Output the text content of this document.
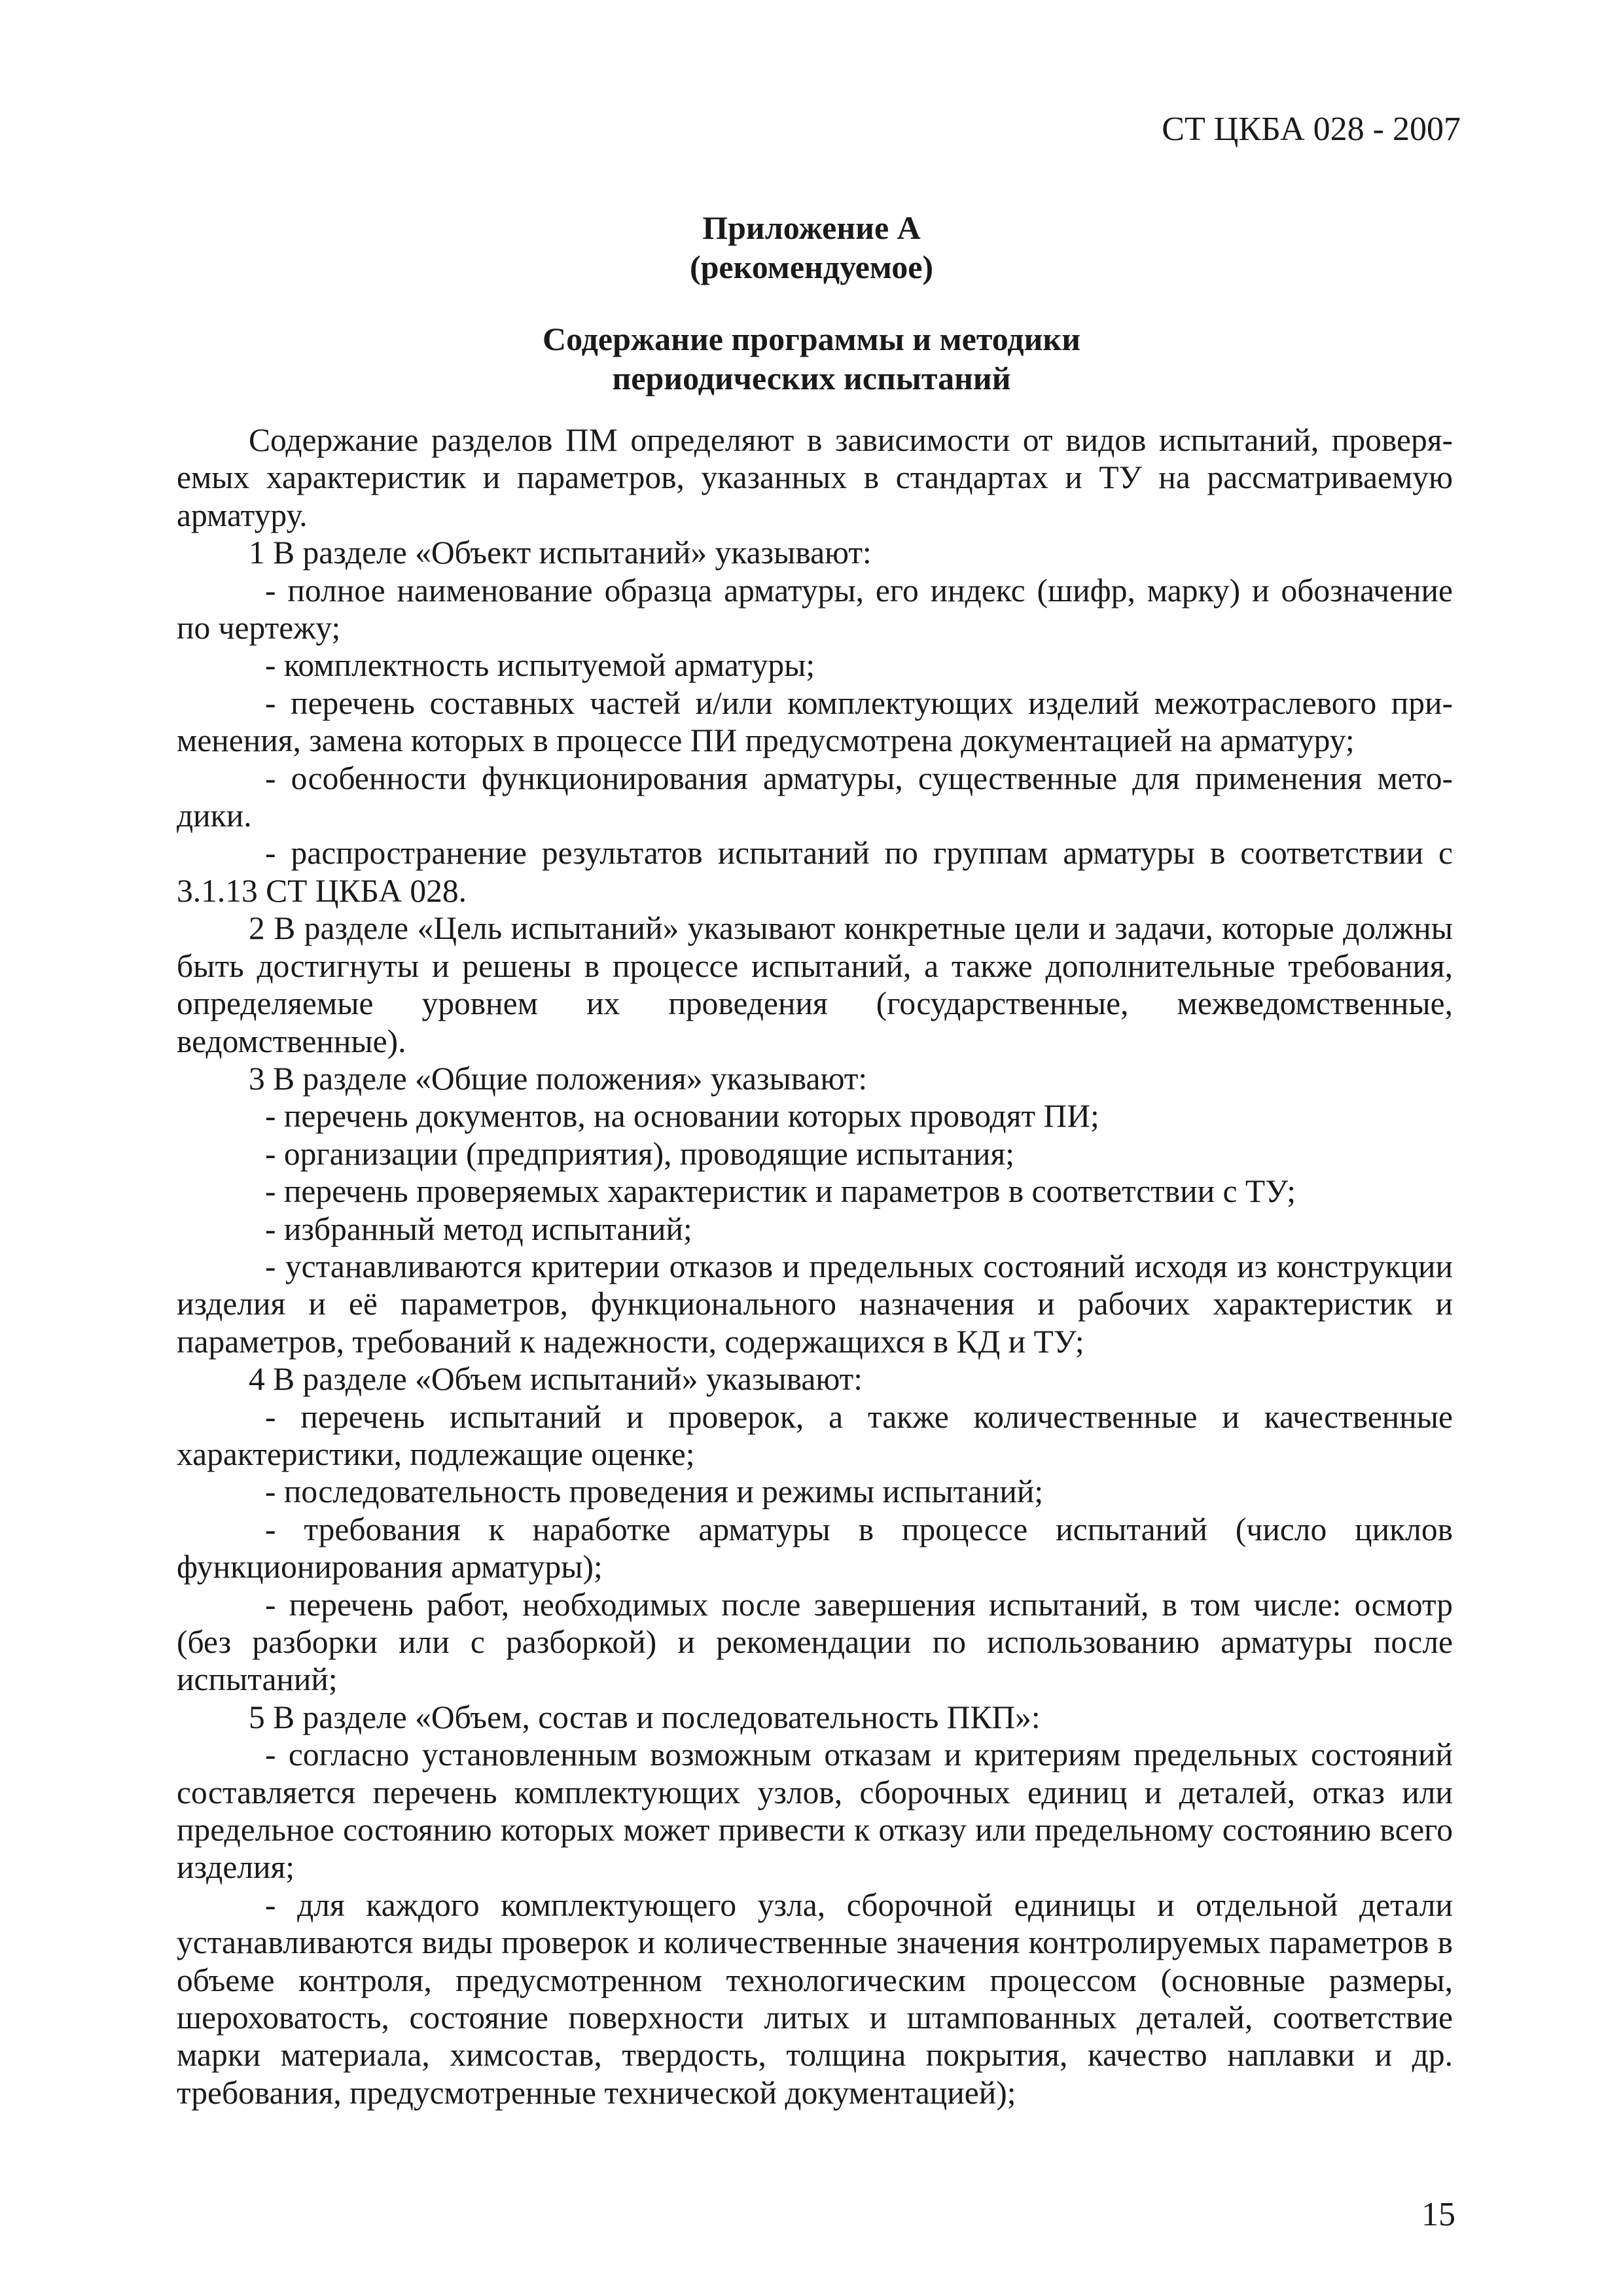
СТ ЦКБА 028 - 2007
Приложение А
(рекомендуемое)
Содержание программы и методики
периодических испытаний

Содержание разделов ПМ определяют в зависимости от видов испытаний, проверяемых характеристик и параметров, указанных в стандартах и ТУ на рассматриваемую арматуру.

1 В разделе «Объект испытаний» указывают:

- полное наименование образца арматуры, его индекс (шифр, марку) и обозначение по чертежу;

- комплектность испытуемой арматуры;

- перечень составных частей и/или комплектующих изделий межотраслевого применения, замена которых в процессе ПИ предусмотрена документацией на арматуру;

- особенности функционирования арматуры, существенные для применения методики.

- распространение результатов испытаний по группам арматуры в соответствии с 3.1.13 СТ ЦКБА 028.

2 В разделе «Цель испытаний» указывают конкретные цели и задачи, которые должны быть достигнуты и решены в процессе испытаний, а также дополнительные требования, определяемые уровнем их проведения (государственные, межведомственные, ведомственные).

3 В разделе «Общие положения» указывают:

- перечень документов, на основании которых проводят ПИ;

- организации (предприятия), проводящие испытания;

- перечень проверяемых характеристик и параметров в соответствии с ТУ;

- избранный метод испытаний;

- устанавливаются критерии отказов и предельных состояний исходя из конструкции изделия и её параметров, функционального назначения и рабочих характеристик и параметров, требований к надежности, содержащихся в КД и ТУ;

4 В разделе «Объем испытаний» указывают:

- перечень испытаний и проверок, а также количественные и качественные характеристики, подлежащие оценке;

- последовательность проведения и режимы испытаний;

- требования к наработке арматуры в процессе испытаний (число циклов функционирования арматуры);

- перечень работ, необходимых после завершения испытаний, в том числе: осмотр (без разборки или с разборкой) и рекомендации по использованию арматуры после испытаний;

5 В разделе «Объем, состав и последовательность ПКП»:

- согласно установленным возможным отказам и критериям предельных состояний составляется перечень комплектующих узлов, сборочных единиц и деталей, отказ или предельное состоянию которых может привести к отказу или предельному состоянию всего изделия;

- для каждого комплектующего узла, сборочной единицы и отдельной детали устанавливаются виды проверок и количественные значения контролируемых параметров в объеме контроля, предусмотренном технологическим процессом (основные размеры, шероховатость, состояние поверхности литых и штампованных деталей, соответствие марки материала, химсостав, твердость, толщина покрытия, качество наплавки и др. требования, предусмотренные технической документацией);

15
